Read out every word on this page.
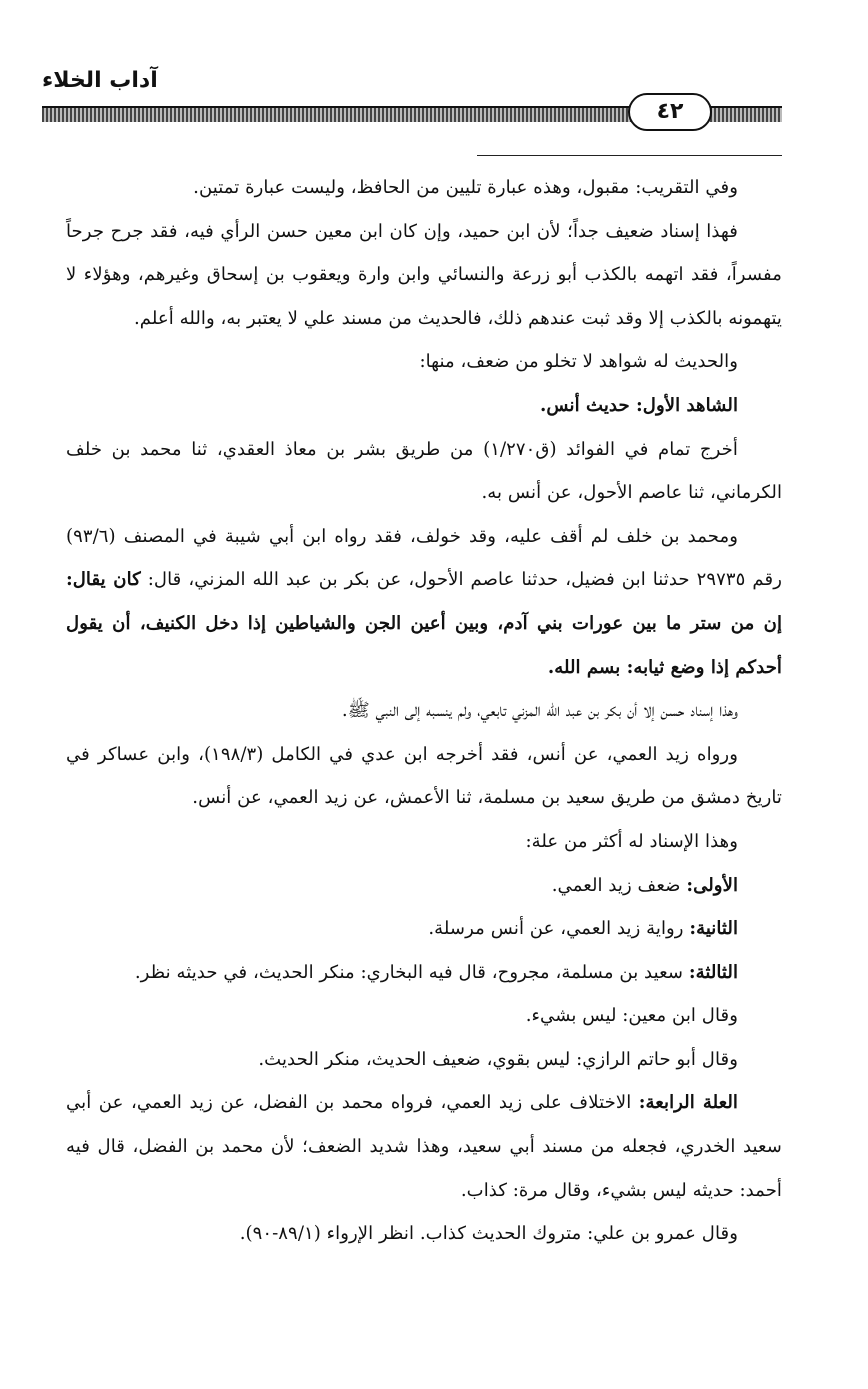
آداب الخلاء
٤٢

وفي التقريب: مقبول، وهذه عبارة تليين من الحافظ، وليست عبارة تمتين.

فهذا إسناد ضعيف جداً؛ لأن ابن حميد، وإن كان ابن معين حسن الرأي فيه، فقد جرح جرحاً مفسراً، فقد اتهمه بالكذب أبو زرعة والنسائي وابن وارة ويعقوب بن إسحاق وغيرهم، وهؤلاء لا يتهمونه بالكذب إلا وقد ثبت عندهم ذلك، فالحديث من مسند علي لا يعتبر به، والله أعلم.

والحديث له شواهد لا تخلو من ضعف، منها:

الشاهد الأول: حديث أنس.

أخرج تمام في الفوائد (ق١/٢٧٠) من طريق بشر بن معاذ العقدي، ثنا محمد بن خلف الكرماني، ثنا عاصم الأحول، عن أنس به.

ومحمد بن خلف لم أقف عليه، وقد خولف، فقد رواه ابن أبي شيبة في المصنف (٩٣/٦) رقم ٢٩٧٣٥ حدثنا ابن فضيل، حدثنا عاصم الأحول، عن بكر بن عبد الله المزني، قال: كان يقال: إن من ستر ما بين عورات بني آدم، وبين أعين الجن والشياطين إذا دخل الكنيف، أن يقول أحدكم إذا وضع ثيابه: بسم الله.

وهذا إسناد حسن إلا أن بكر بن عبد الله المزني تابعي، ولم ينسبه إلى النبي ﷺ.

ورواه زيد العمي، عن أنس، فقد أخرجه ابن عدي في الكامل (١٩٨/٣)، وابن عساكر في تاريخ دمشق من طريق سعيد بن مسلمة، ثنا الأعمش، عن زيد العمي، عن أنس.

وهذا الإسناد له أكثر من علة:

الأولى: ضعف زيد العمي.

الثانية: رواية زيد العمي، عن أنس مرسلة.

الثالثة: سعيد بن مسلمة، مجروح، قال فيه البخاري: منكر الحديث، في حديثه نظر.

وقال ابن معين: ليس بشيء.

وقال أبو حاتم الرازي: ليس بقوي، ضعيف الحديث، منكر الحديث.

العلة الرابعة: الاختلاف على زيد العمي، فرواه محمد بن الفضل، عن زيد العمي، عن أبي سعيد الخدري، فجعله من مسند أبي سعيد، وهذا شديد الضعف؛ لأن محمد بن الفضل، قال فيه أحمد: حديثه ليس بشيء، وقال مرة: كذاب.

وقال عمرو بن علي: متروك الحديث كذاب. انظر الإرواء (٨٩/١-٩٠).
